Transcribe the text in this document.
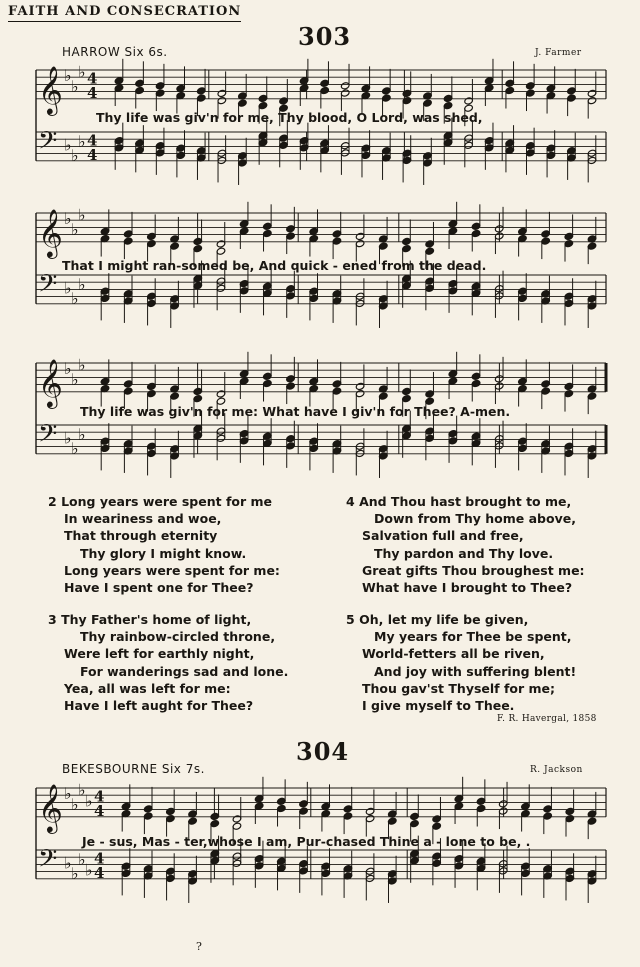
FAITH AND CONSECRATION
303
HARROW Six 6s.	J. Farmer
𝄞 ♭
♭
♭ 4
4
𝄢 ♭
♭
♭ 4
4
Thy life was giv'n for me, Thy blood, O Lord, was shed,
𝄞 ♭
♭
♭
𝄢 ♭
♭
♭
That I might ran-somed be, And quick - ened from the dead.
𝄞 ♭
♭
♭
𝄢 ♭
♭
♭
Thy life was giv'n for me: What have I giv'n for Thee? A-men.
2 Long years were spent for me
In weariness and woe,
That through eternity
Thy glory I might know.
Long years were spent for me:
Have I spent one for Thee?
3 Thy Father's home of light,
Thy rainbow-circled throne,
Were left for earthly night,
For wanderings sad and lone.
Yea, all was left for me:
Have I left aught for Thee?
4 And Thou hast brought to me,
Down from Thy home above,
Salvation full and free,
Thy pardon and Thy love.
Great gifts Thou broughest me:
What have I brought to Thee?
5 Oh, let my life be given,
My years for Thee be spent,
World-fetters all be riven,
And joy with suffering blent!
Thou gav'st Thyself for me;
I give myself to Thee.
F. R. Havergal, 1858
304
BEKESBOURNE Six 7s.	R. Jackson
𝄞 ♭
♭
♭
♭ 4
4
𝄢 ♭
♭
♭
♭
4
4
Je - sus, Mas - ter,whose I am, Pur-chased Thine a - lone to be, .
?
